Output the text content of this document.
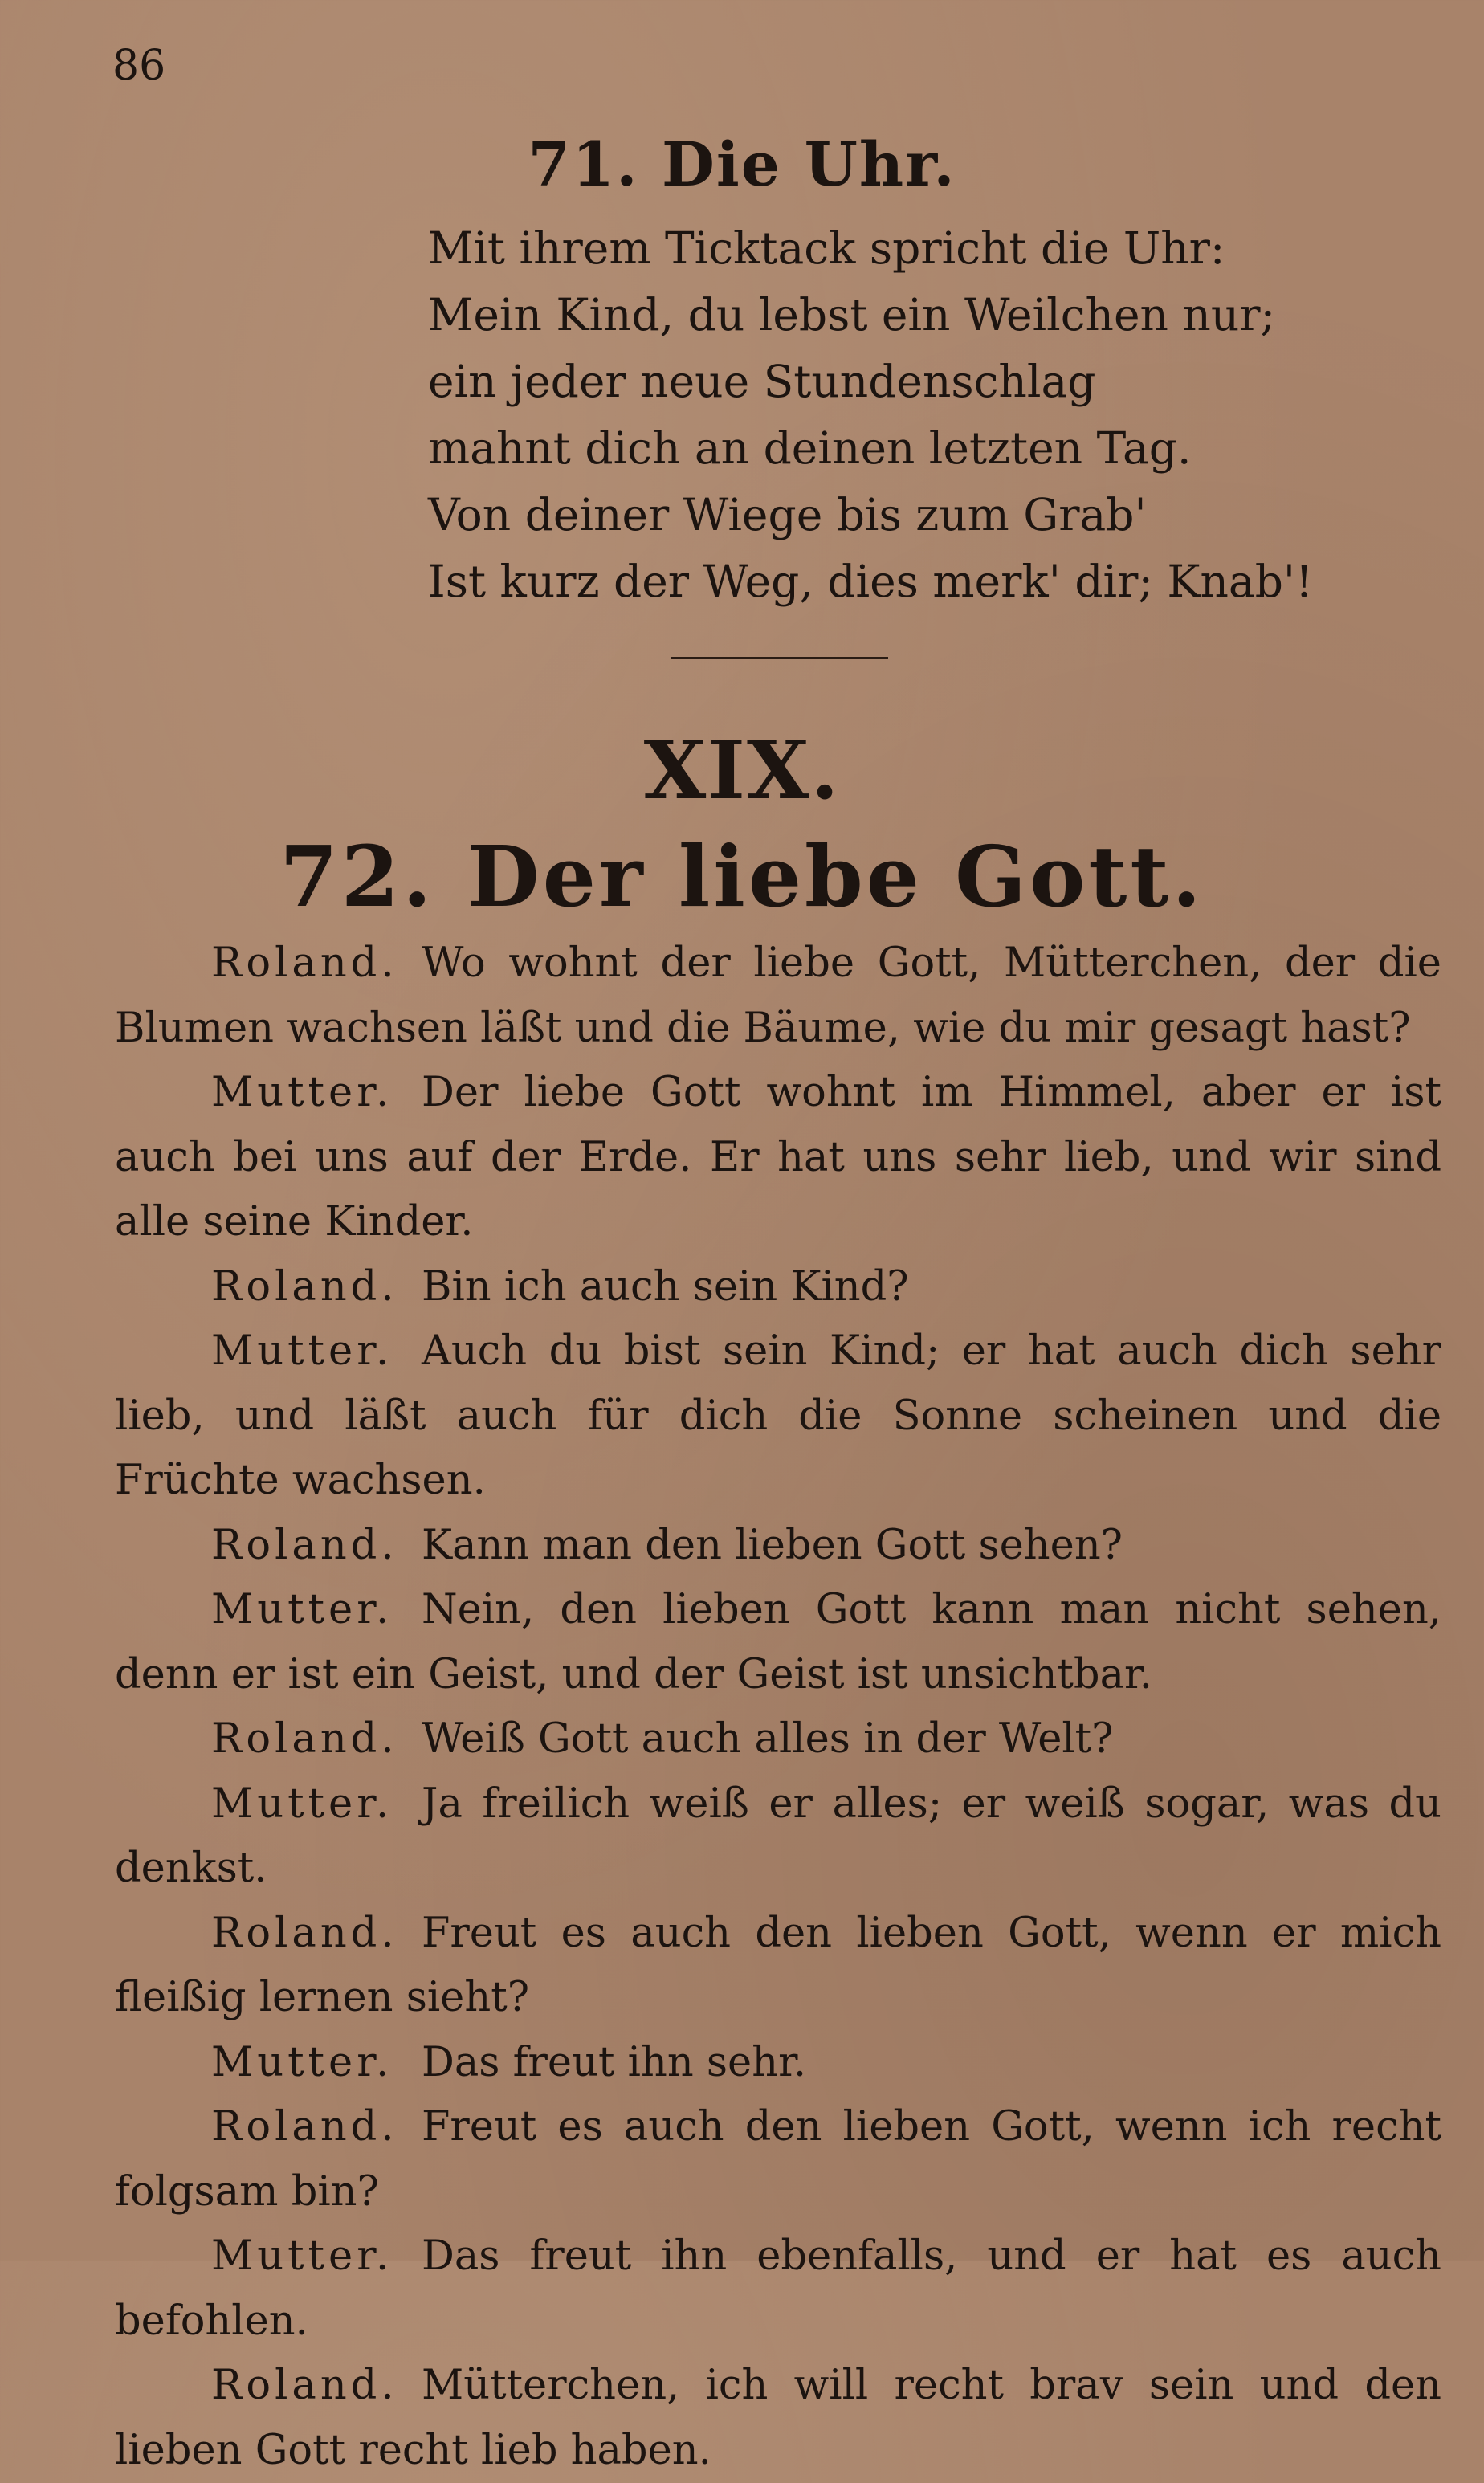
86
71. Die Uhr.
Mit ihrem Ticktack spricht die Uhr:
Mein Kind, du lebst ein Weilchen nur;
ein jeder neue Stundenschlag
mahnt dich an deinen letzten Tag.
Von deiner Wiege bis zum Grab'
Ist kurz der Weg, dies merk' dir; Knab'!
XIX.
72. Der liebe Gott.
Roland. Wo wohnt der liebe Gott, Mütterchen, der die Blumen wachsen läßt und die Bäume, wie du mir gesagt hast?
Mutter. Der liebe Gott wohnt im Himmel, aber er ist auch bei uns auf der Erde. Er hat uns sehr lieb, und wir sind alle seine Kinder.
Roland. Bin ich auch sein Kind?
Mutter. Auch du bist sein Kind; er hat auch dich sehr lieb, und läßt auch für dich die Sonne scheinen und die Früchte wachsen.
Roland. Kann man den lieben Gott sehen?
Mutter. Nein, den lieben Gott kann man nicht sehen, denn er ist ein Geist, und der Geist ist unsichtbar.
Roland. Weiß Gott auch alles in der Welt?
Mutter. Ja freilich weiß er alles; er weiß sogar, was du denkst.
Roland. Freut es auch den lieben Gott, wenn er mich fleißig lernen sieht?
Mutter. Das freut ihn sehr.
Roland. Freut es auch den lieben Gott, wenn ich recht folgsam bin?
Mutter. Das freut ihn ebenfalls, und er hat es auch befohlen.
Roland. Mütterchen, ich will recht brav sein und den lieben Gott recht lieb haben.
